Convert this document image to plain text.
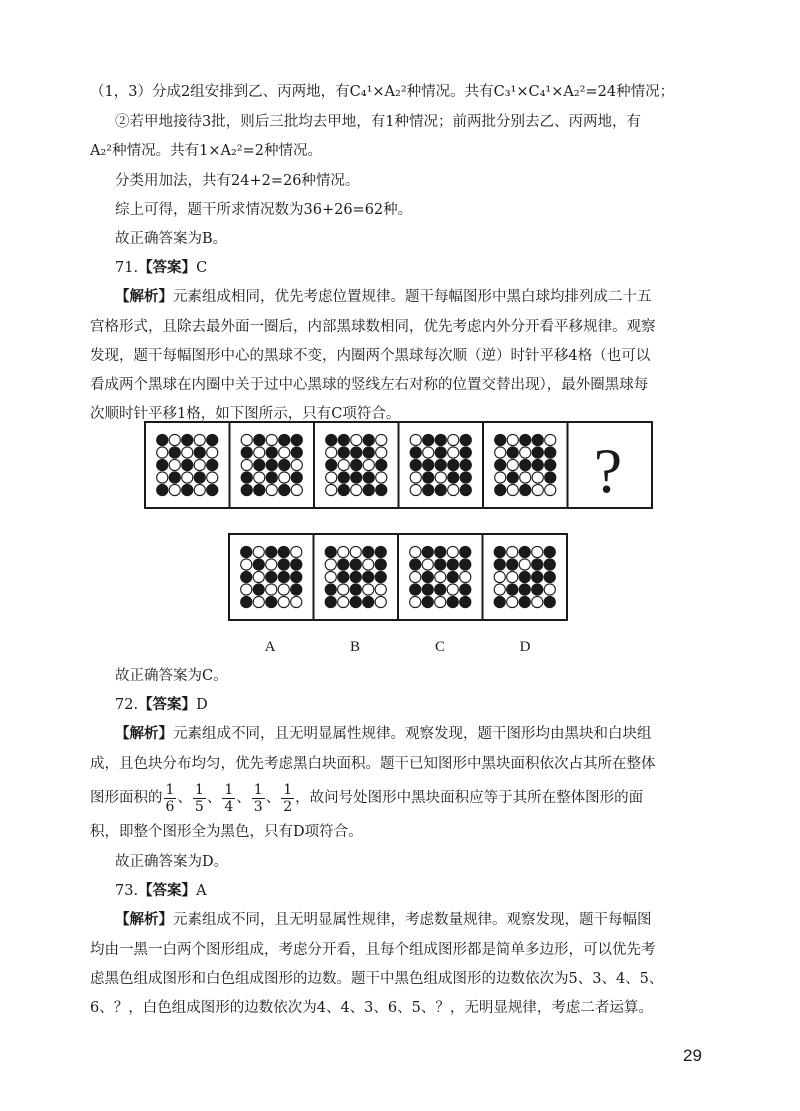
（1，3）分成2组安排到乙、丙两地，有C₄¹×A₂²种情况。共有C₃¹×C₄¹×A₂²=24种情况；
②若甲地接待3批，则后三批均去甲地，有1种情况；前两批分别去乙、丙两地，有
A₂²种情况。共有1×A₂²=2种情况。
分类用加法，共有24+2=26种情况。
综上可得，题干所求情况数为36+26=62种。
故正确答案为B。
71.【答案】C
【解析】元素组成相同，优先考虑位置规律。题干每幅图形中黑白球均排列成二十五
宫格形式，且除去最外面一圈后，内部黑球数相同，优先考虑内外分开看平移规律。观察
发现，题干每幅图形中心的黑球不变，内圈两个黑球每次顺（逆）时针平移4格（也可以
看成两个黑球在内圈中关于过中心黑球的竖线左右对称的位置交替出现），最外圈黑球每
次顺时针平移1格，如下图所示，只有C项符合。
?
A	B	C	D
故正确答案为C。
72.【答案】D
【解析】元素组成不同，且无明显属性规律。观察发现，题干图形均由黑块和白块组
成，且色块分布均匀，优先考虑黑白块面积。题干已知图形中黑块面积依次占其所在整体
图形面积的 $\frac{1}{6}$ 、 $\frac{1}{5}$ 、 $\frac{1}{4}$ 、 $\frac{1}{3}$ 、 $\frac{1}{2}$ ，故问号处图形中黑块面积应等于其所在整体图形的面
积，即整个图形全为黑色，只有D项符合。
故正确答案为D。
73.【答案】A
【解析】元素组成不同，且无明显属性规律，考虑数量规律。观察发现，题干每幅图
均由一黑一白两个图形组成，考虑分开看，且每个组成图形都是简单多边形，可以优先考
虑黑色组成图形和白色组成图形的边数。题干中黑色组成图形的边数依次为5、3、4、5、
6、？，白色组成图形的边数依次为4、4、3、6、5、？，无明显规律，考虑二者运算。
29
